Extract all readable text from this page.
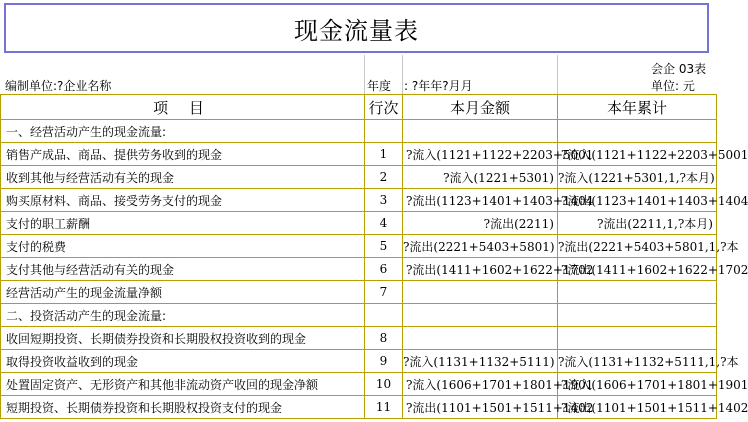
现金流量表
会企 03表
编制单位:?企业名称	年度 : ?年年?月月	单位: 元
项 目	行次	本月金额	本年累计
一、经营活动产生的现金流量:			
销售产成品、商品、提供劳务收到的现金	1	?流入(1121+1122+2203+5001	?流入(1121+1122+2203+5001
收到其他与经营活动有关的现金	2	?流入(1221+5301)	?流入(1221+5301,1,?本月)
购买原材料、商品、接受劳务支付的现金	3	?流出(1123+1401+1403+1404	?流出(1123+1401+1403+1404
支付的职工薪酬	4	?流出(2211)	?流出(2211,1,?本月)
支付的税费	5	?流出(2221+5403+5801)	?流出(2221+5403+5801,1,?本
支付其他与经营活动有关的现金	6	?流出(1411+1602+1622+1702	?流出(1411+1602+1622+1702
经营活动产生的现金流量净额	7		
二、投资活动产生的现金流量:			
收回短期投资、长期债券投资和长期股权投资收到的现金	8		
取得投资收益收到的现金	9	?流入(1131+1132+5111)	?流入(1131+1132+5111,1,?本
处置固定资产、无形资产和其他非流动资产收回的现金净额	10	?流入(1606+1701+1801+1901	?流入(1606+1701+1801+1901
短期投资、长期债券投资和长期股权投资支付的现金	11	?流出(1101+1501+1511+1402	?流出(1101+1501+1511+1402
